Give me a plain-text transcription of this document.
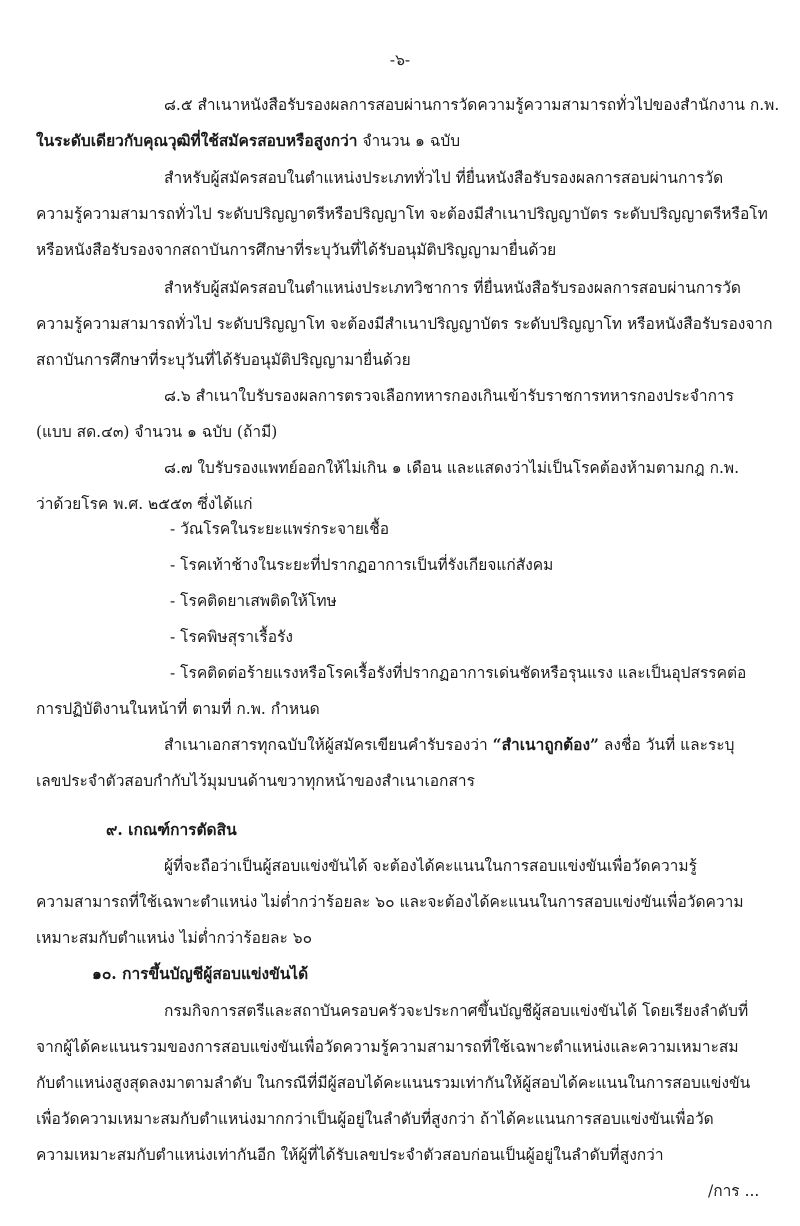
-๖-
๘.๕ สำเนาหนังสือรับรองผลการสอบผ่านการวัดความรู้ความสามารถทั่วไปของสำนักงาน ก.พ.
ในระดับเดียวกับคุณวุฒิที่ใช้สมัครสอบหรือสูงกว่า จำนวน ๑ ฉบับ
สำหรับผู้สมัครสอบในตำแหน่งประเภททั่วไป ที่ยื่นหนังสือรับรองผลการสอบผ่านการวัด
ความรู้ความสามารถทั่วไป ระดับปริญญาตรีหรือปริญญาโท จะต้องมีสำเนาปริญญาบัตร ระดับปริญญาตรีหรือโท
หรือหนังสือรับรองจากสถาบันการศึกษาที่ระบุวันที่ได้รับอนุมัติปริญญามายื่นด้วย
สำหรับผู้สมัครสอบในตำแหน่งประเภทวิชาการ ที่ยื่นหนังสือรับรองผลการสอบผ่านการวัด
ความรู้ความสามารถทั่วไป ระดับปริญญาโท จะต้องมีสำเนาปริญญาบัตร ระดับปริญญาโท หรือหนังสือรับรองจาก
สถาบันการศึกษาที่ระบุวันที่ได้รับอนุมัติปริญญามายื่นด้วย
๘.๖ สำเนาใบรับรองผลการตรวจเลือกทหารกองเกินเข้ารับราชการทหารกองประจำการ
(แบบ สด.๔๓) จำนวน ๑ ฉบับ (ถ้ามี)
๘.๗ ใบรับรองแพทย์ออกให้ไม่เกิน ๑ เดือน และแสดงว่าไม่เป็นโรคต้องห้ามตามกฎ ก.พ.
ว่าด้วยโรค พ.ศ. ๒๕๕๓ ซึ่งได้แก่
- วัณโรคในระยะแพร่กระจายเชื้อ
- โรคเท้าช้างในระยะที่ปรากฏอาการเป็นที่รังเกียจแก่สังคม
- โรคติดยาเสพติดให้โทษ
- โรคพิษสุราเรื้อรัง
- โรคติดต่อร้ายแรงหรือโรคเรื้อรังที่ปรากฏอาการเด่นชัดหรือรุนแรง และเป็นอุปสรรคต่อ
การปฏิบัติงานในหน้าที่ ตามที่ ก.พ. กำหนด
สำเนาเอกสารทุกฉบับให้ผู้สมัครเขียนคำรับรองว่า “สำเนาถูกต้อง” ลงชื่อ วันที่ และระบุ
เลขประจำตัวสอบกำกับไว้มุมบนด้านขวาทุกหน้าของสำเนาเอกสาร
๙. เกณฑ์การตัดสิน
ผู้ที่จะถือว่าเป็นผู้สอบแข่งขันได้ จะต้องได้คะแนนในการสอบแข่งขันเพื่อวัดความรู้
ความสามารถที่ใช้เฉพาะตำแหน่ง ไม่ต่ำกว่าร้อยละ ๖๐ และจะต้องได้คะแนนในการสอบแข่งขันเพื่อวัดความ
เหมาะสมกับตำแหน่ง ไม่ต่ำกว่าร้อยละ ๖๐
๑๐. การขึ้นบัญชีผู้สอบแข่งขันได้
กรมกิจการสตรีและสถาบันครอบครัวจะประกาศขึ้นบัญชีผู้สอบแข่งขันได้ โดยเรียงลำดับที่
จากผู้ได้คะแนนรวมของการสอบแข่งขันเพื่อวัดความรู้ความสามารถที่ใช้เฉพาะตำแหน่งและความเหมาะสม
กับตำแหน่งสูงสุดลงมาตามลำดับ ในกรณีที่มีผู้สอบได้คะแนนรวมเท่ากันให้ผู้สอบได้คะแนนในการสอบแข่งขัน
เพื่อวัดความเหมาะสมกับตำแหน่งมากกว่าเป็นผู้อยู่ในลำดับที่สูงกว่า ถ้าได้คะแนนการสอบแข่งขันเพื่อวัด
ความเหมาะสมกับตำแหน่งเท่ากันอีก ให้ผู้ที่ได้รับเลขประจำตัวสอบก่อนเป็นผู้อยู่ในลำดับที่สูงกว่า
/การ ...
